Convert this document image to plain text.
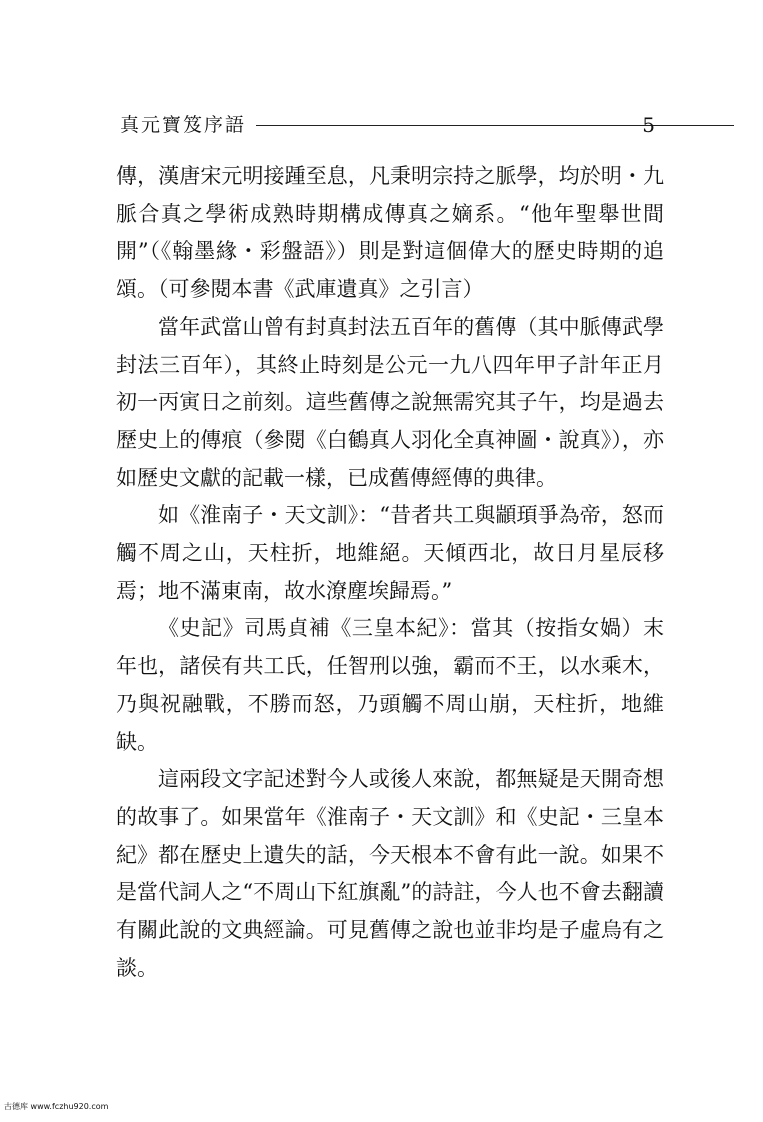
真元寶笈序語	5

傳，漢唐宋元明接踵至息，凡秉明宗持之脈學，均於明・九脈合真之學術成熟時期構成傳真之嫡系。“他年聖舉世間開”（《翰墨緣・彩盤語》）則是對這個偉大的歷史時期的追頌。（可參閱本書《武庫遺真》之引言）

當年武當山曾有封真封法五百年的舊傳（其中脈傳武學封法三百年），其終止時刻是公元一九八四年甲子計年正月初一丙寅日之前刻。這些舊傳之說無需究其子午，均是過去歷史上的傳痕（參閱《白鶴真人羽化全真神圖・說真》），亦如歷史文獻的記載一樣，已成舊傳經傳的典律。

如《淮南子・天文訓》：“昔者共工與顓頊爭為帝，怒而觸不周之山，天柱折，地維絕。天傾西北，故日月星辰移焉；地不滿東南，故水潦塵埃歸焉。”

《史記》司馬貞補《三皇本紀》：當其（按指女媧）末年也，諸侯有共工氏，任智刑以強，霸而不王，以水乘木，乃與祝融戰，不勝而怒，乃頭觸不周山崩，天柱折，地維缺。

這兩段文字記述對今人或後人來說，都無疑是天開奇想的故事了。如果當年《淮南子・天文訓》和《史記・三皇本紀》都在歷史上遺失的話，今天根本不會有此一說。如果不是當代詞人之“不周山下紅旗亂”的詩註，今人也不會去翻讀有關此說的文典經論。可見舊傳之說也並非均是子虛烏有之談。

古德库 www.fczhu920.com
